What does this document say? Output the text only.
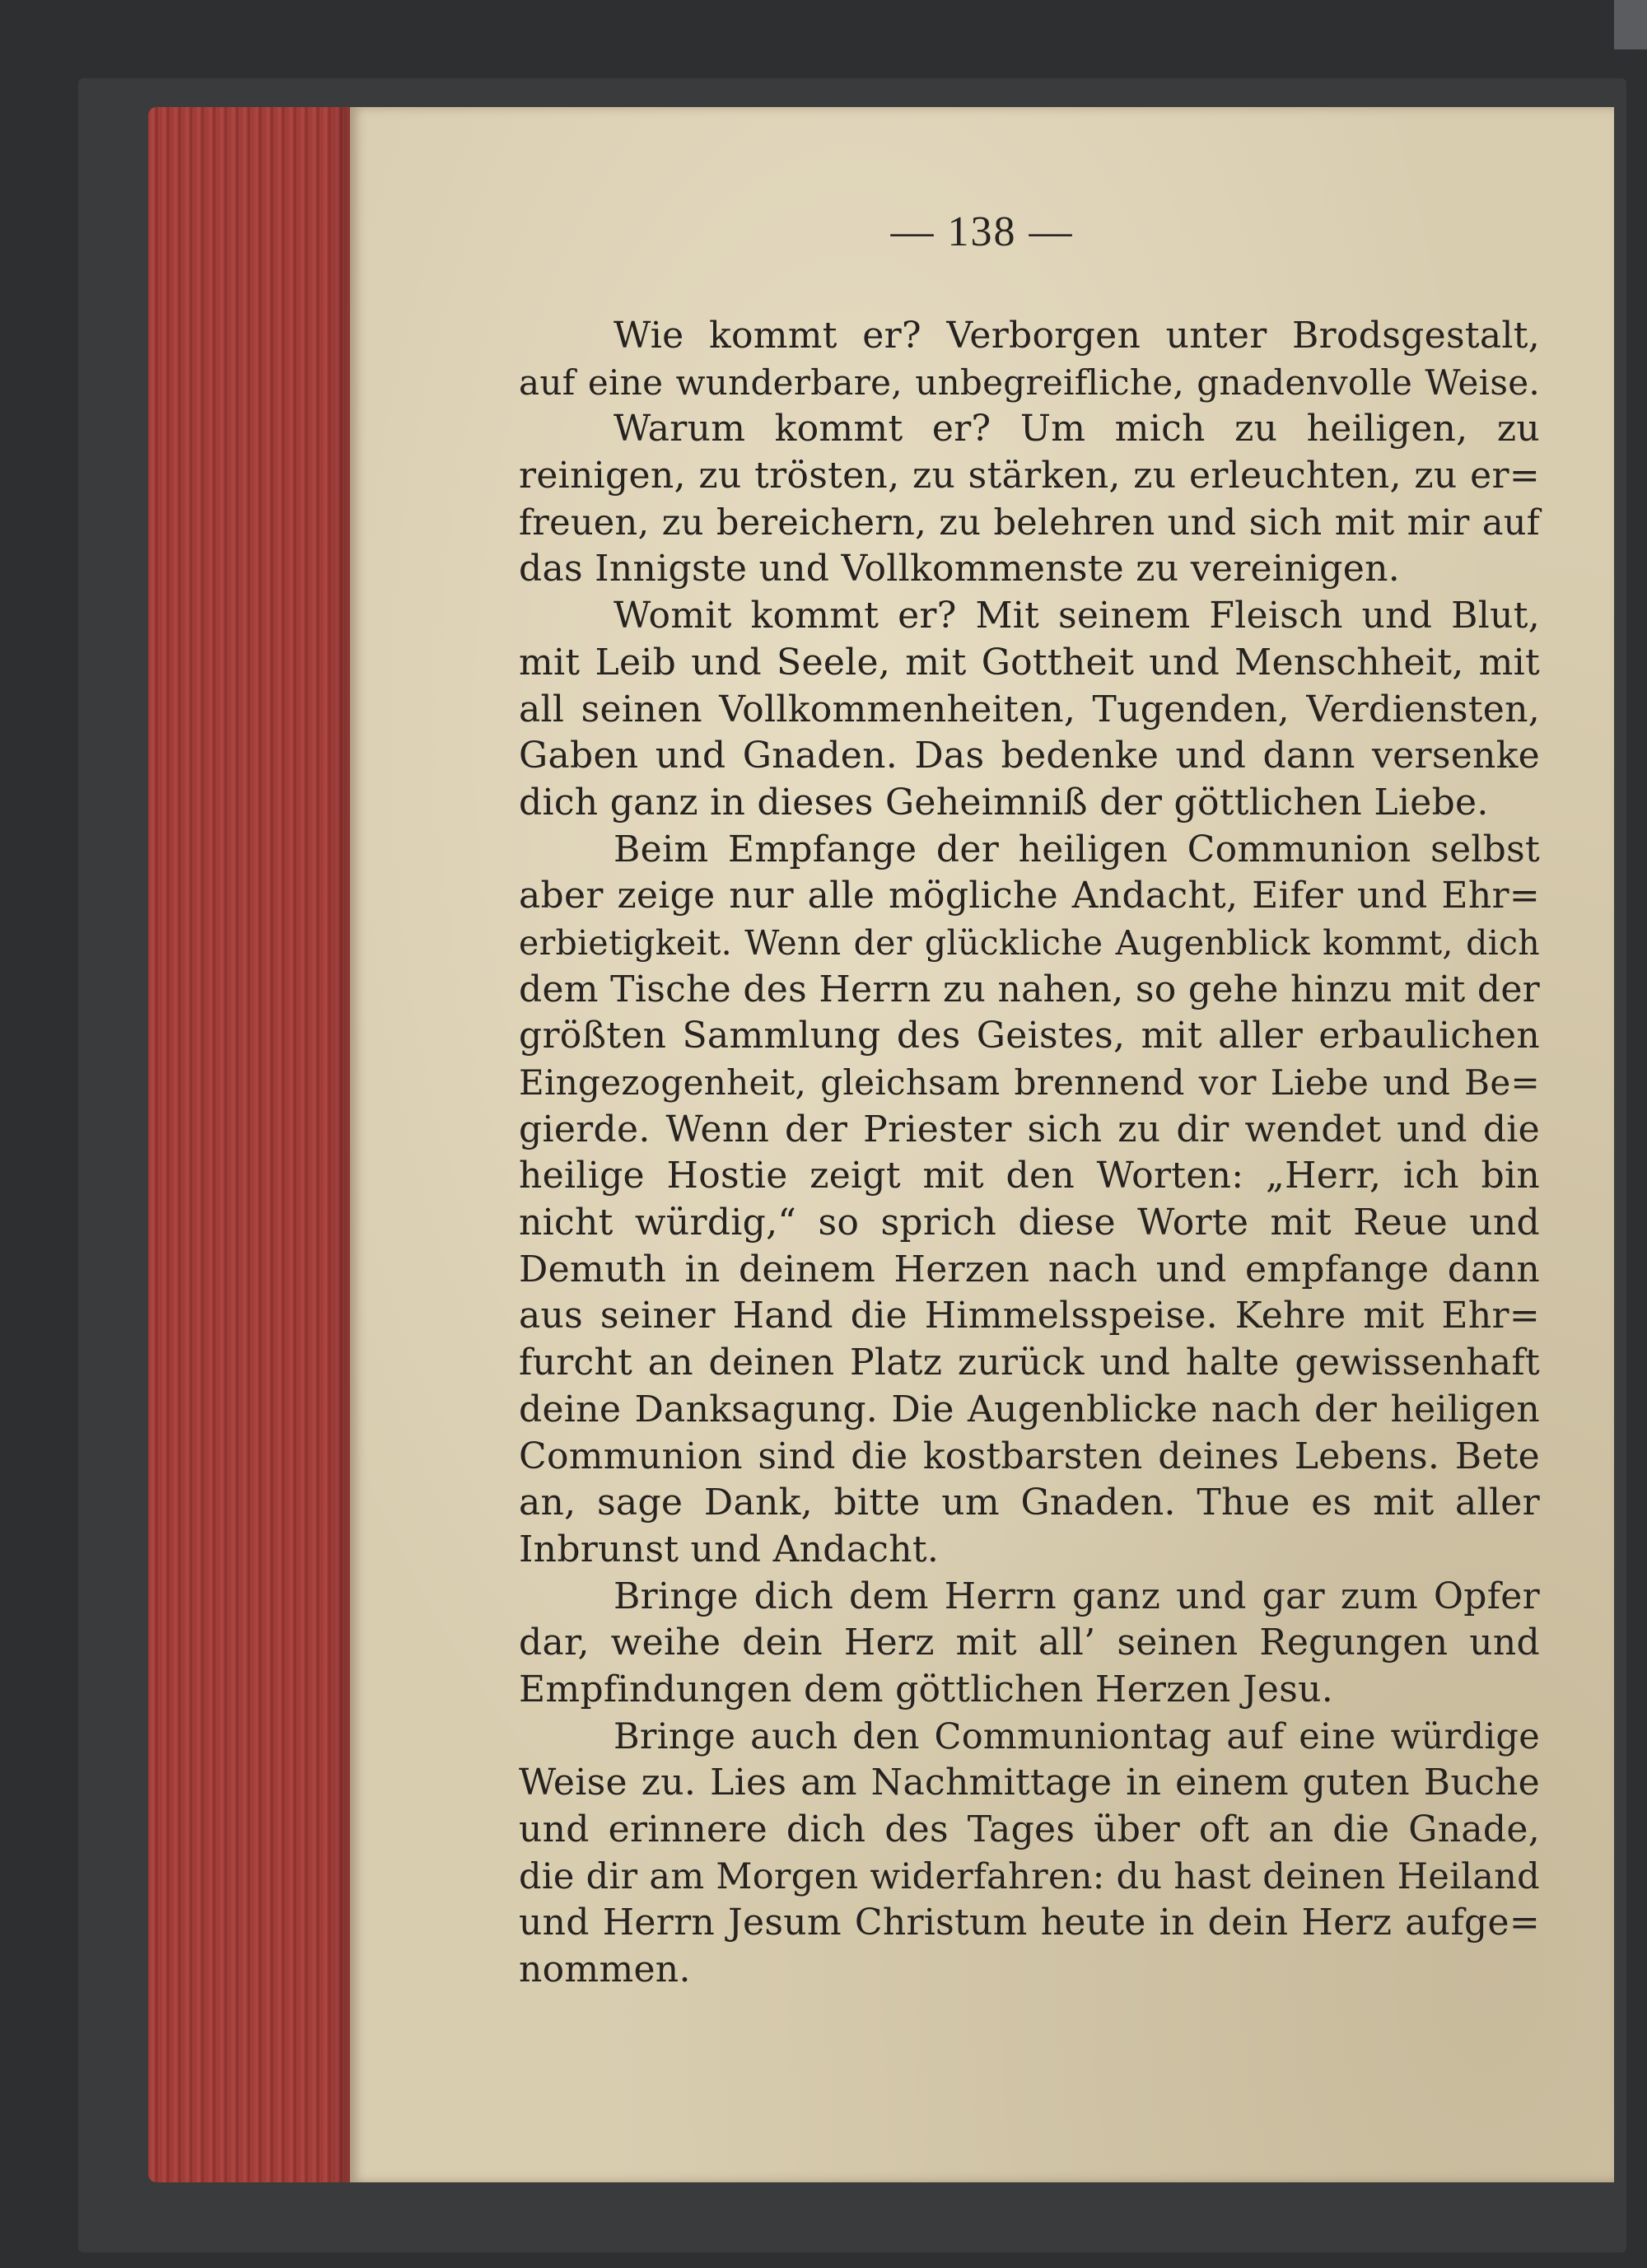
— 138 —
Wie kommt er? Verborgen unter Brodsgestalt,
auf eine wunderbare, unbegreifliche, gnadenvolle Weise.
Warum kommt er? Um mich zu heiligen, zu
reinigen, zu trösten, zu stärken, zu erleuchten, zu er=
freuen, zu bereichern, zu belehren und sich mit mir auf
das Innigste und Vollkommenste zu vereinigen.
Womit kommt er? Mit seinem Fleisch und Blut,
mit Leib und Seele, mit Gottheit und Menschheit, mit
all seinen Vollkommenheiten, Tugenden, Verdiensten,
Gaben und Gnaden. Das bedenke und dann versenke
dich ganz in dieses Geheimniß der göttlichen Liebe.
Beim Empfange der heiligen Communion selbst
aber zeige nur alle mögliche Andacht, Eifer und Ehr=
erbietigkeit. Wenn der glückliche Augenblick kommt, dich
dem Tische des Herrn zu nahen, so gehe hinzu mit der
größten Sammlung des Geistes, mit aller erbaulichen
Eingezogenheit, gleichsam brennend vor Liebe und Be=
gierde. Wenn der Priester sich zu dir wendet und die
heilige Hostie zeigt mit den Worten: „Herr, ich bin
nicht würdig,“ so sprich diese Worte mit Reue und
Demuth in deinem Herzen nach und empfange dann
aus seiner Hand die Himmelsspeise. Kehre mit Ehr=
furcht an deinen Platz zurück und halte gewissenhaft
deine Danksagung. Die Augenblicke nach der heiligen
Communion sind die kostbarsten deines Lebens. Bete
an, sage Dank, bitte um Gnaden. Thue es mit aller
Inbrunst und Andacht.
Bringe dich dem Herrn ganz und gar zum Opfer
dar, weihe dein Herz mit all’ seinen Regungen und
Empfindungen dem göttlichen Herzen Jesu.
Bringe auch den Communiontag auf eine würdige
Weise zu. Lies am Nachmittage in einem guten Buche
und erinnere dich des Tages über oft an die Gnade,
die dir am Morgen widerfahren: du hast deinen Heiland
und Herrn Jesum Christum heute in dein Herz aufge=
nommen.
